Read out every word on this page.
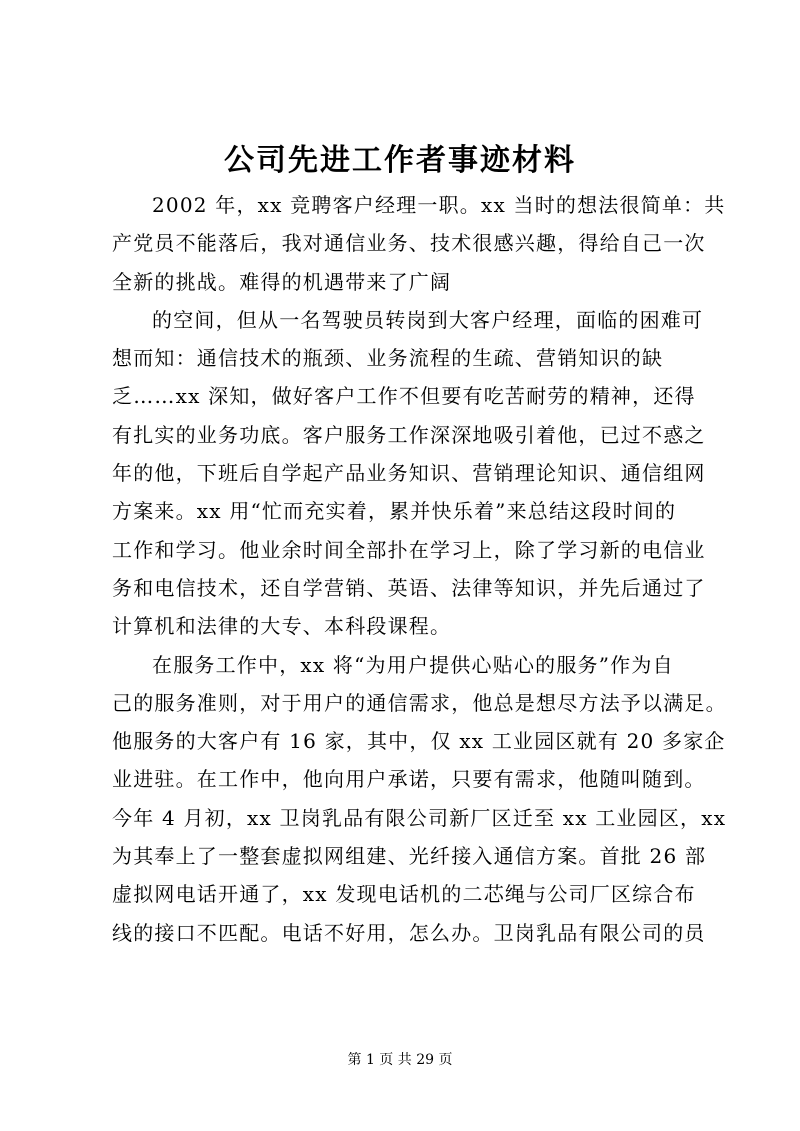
公司先进工作者事迹材料
2002 年，xx 竞聘客户经理一职。xx 当时的想法很简单：共
产党员不能落后，我对通信业务、技术很感兴趣，得给自己一次
全新的挑战。难得的机遇带来了广阔
的空间，但从一名驾驶员转岗到大客户经理，面临的困难可
想而知：通信技术的瓶颈、业务流程的生疏、营销知识的缺
乏……xx 深知，做好客户工作不但要有吃苦耐劳的精神，还得
有扎实的业务功底。客户服务工作深深地吸引着他，已过不惑之
年的他，下班后自学起产品业务知识、营销理论知识、通信组网
方案来。xx 用“忙而充实着，累并快乐着”来总结这段时间的
工作和学习。他业余时间全部扑在学习上，除了学习新的电信业
务和电信技术，还自学营销、英语、法律等知识，并先后通过了
计算机和法律的大专、本科段课程。
在服务工作中，xx 将“为用户提供心贴心的服务”作为自
己的服务准则，对于用户的通信需求，他总是想尽方法予以满足。
他服务的大客户有 16 家，其中，仅 xx 工业园区就有 20 多家企
业进驻。在工作中，他向用户承诺，只要有需求，他随叫随到。
今年 4 月初，xx 卫岗乳品有限公司新厂区迁至 xx 工业园区，xx
为其奉上了一整套虚拟网组建、光纤接入通信方案。首批 26 部
虚拟网电话开通了，xx 发现电话机的二芯绳与公司厂区综合布
线的接口不匹配。电话不好用，怎么办。卫岗乳品有限公司的员
第 1 页 共 29 页
